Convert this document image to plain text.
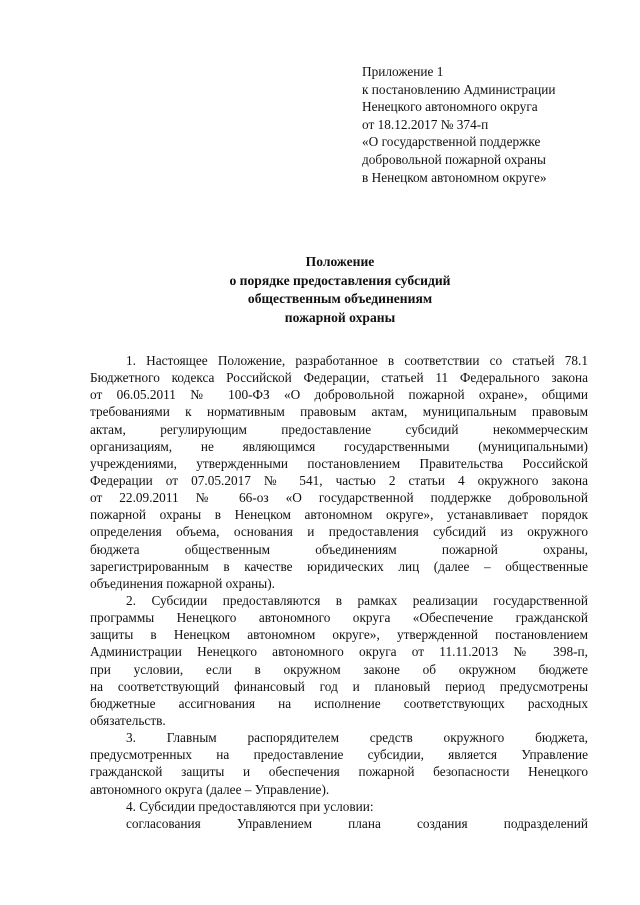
Приложение 1
к постановлению Администрации
Ненецкого автономного округа
от 18.12.2017 № 374-п
«О государственной поддержке
добровольной пожарной охраны
в Ненецком автономном округе»
Положение
о порядке предоставления субсидий
общественным объединениям
пожарной охраны
1. Настоящее Положение, разработанное в соответствии со статьей 78.1
Бюджетного кодекса Российской Федерации, статьей 11 Федерального закона
от 06.05.2011 № 100-ФЗ «О добровольной пожарной охране», общими
требованиями к нормативным правовым актам, муниципальным правовым
актам, регулирующим предоставление субсидий некоммерческим
организациям, не являющимся государственными (муниципальными)
учреждениями, утвержденными постановлением Правительства Российской
Федерации от 07.05.2017 № 541, частью 2 статьи 4 окружного закона
от 22.09.2011 № 66-оз «О государственной поддержке добровольной
пожарной охраны в Ненецком автономном округе», устанавливает порядок
определения объема, основания и предоставления субсидий из окружного
бюджета общественным объединениям пожарной охраны,
зарегистрированным в качестве юридических лиц (далее – общественные
объединения пожарной охраны).
2. Субсидии предоставляются в рамках реализации государственной
программы Ненецкого автономного округа «Обеспечение гражданской
защиты в Ненецком автономном округе», утвержденной постановлением
Администрации Ненецкого автономного округа от 11.11.2013 № 398-п,
при условии, если в окружном законе об окружном бюджете
на соответствующий финансовый год и плановый период предусмотрены
бюджетные ассигнования на исполнение соответствующих расходных
обязательств.
3. Главным распорядителем средств окружного бюджета,
предусмотренных на предоставление субсидии, является Управление
гражданской защиты и обеспечения пожарной безопасности Ненецкого
автономного округа (далее – Управление).
4. Субсидии предоставляются при условии:
согласования Управлением плана создания подразделений
